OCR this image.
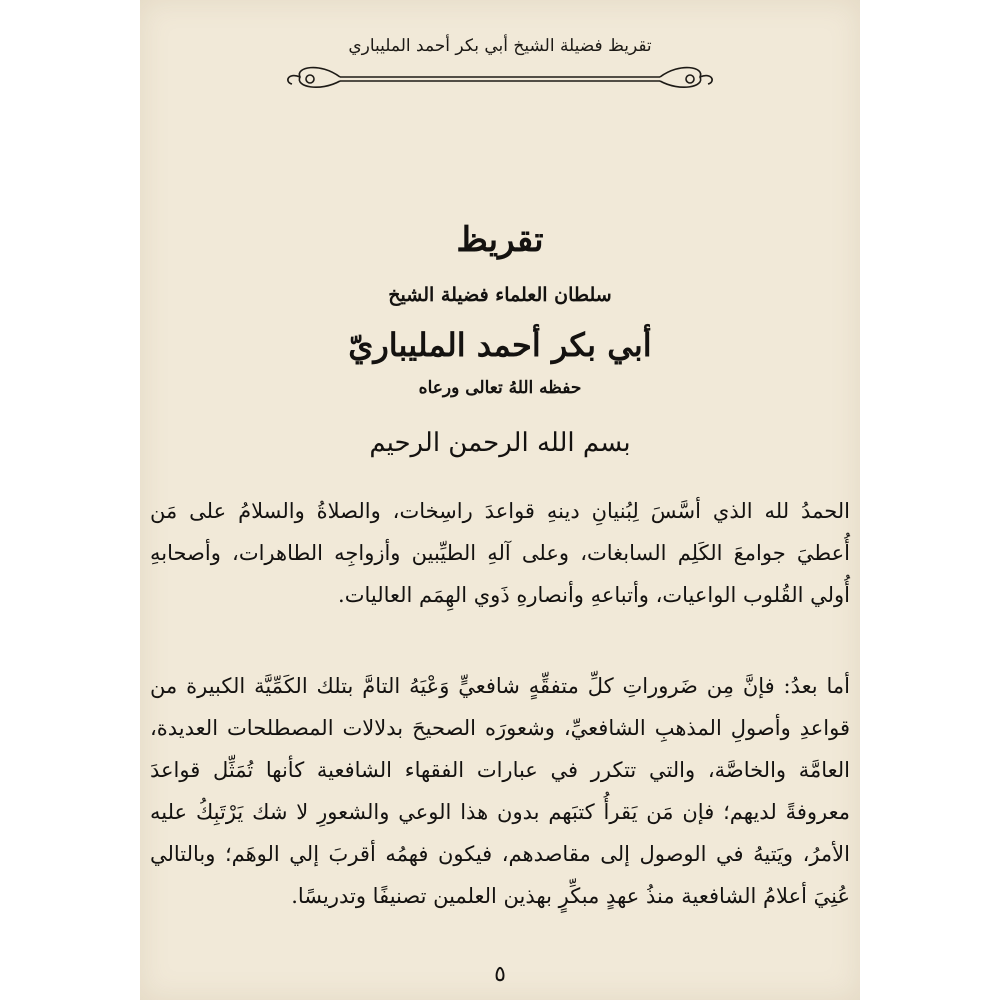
تقريظ فضيلة الشيخ أبي بكر أحمد المليباري
تقريظ
سلطان العلماء فضيلة الشيخ
أبي بكر أحمد المليباريّ
حفظه اللهُ تعالى ورعاه
بسم الله الرحمن الرحيم
الحمدُ لله الذي أسَّسَ لِبُنيانِ دينهِ قواعدَ راسِخات، والصلاةُ والسلامُ على مَن أُعطيَ جوامعَ الكَلِم السابغات، وعلى آلهِ الطيِّبين وأزواجِه الطاهرات، وأصحابهِ أُولي القُلوب الواعيات، وأتباعهِ وأنصارهِ ذَوي الهِمَم العاليات.
أما بعدُ: فإنَّ مِن ضَروراتِ كلِّ متفقِّهٍ شافعيٍّ وَعْيَهُ التامَّ بتلك الكَمِّيَّة الكبيرة من قواعدِ وأصولِ المذهبِ الشافعيِّ، وشعورَه الصحيحَ بدلالات المصطلحات العديدة، العامَّة والخاصَّة، والتي تتكرر في عبارات الفقهاء الشافعية كأنها تُمَثِّل قواعدَ معروفةً لديهم؛ فإن مَن يَقرأُ كتبَهم بدون هذا الوعي والشعورِ لا شك يَرْتَبِكُ عليه الأمرُ، ويَتيهُ في الوصول إلى مقاصدهم، فيكون فهمُه أقربَ إلي الوهَم؛ وبالتالي عُنِيَ أعلامُ الشافعية منذُ عهدٍ مبكِّرٍ بهذين العلمين تصنيفًا وتدريسًا.
٥
